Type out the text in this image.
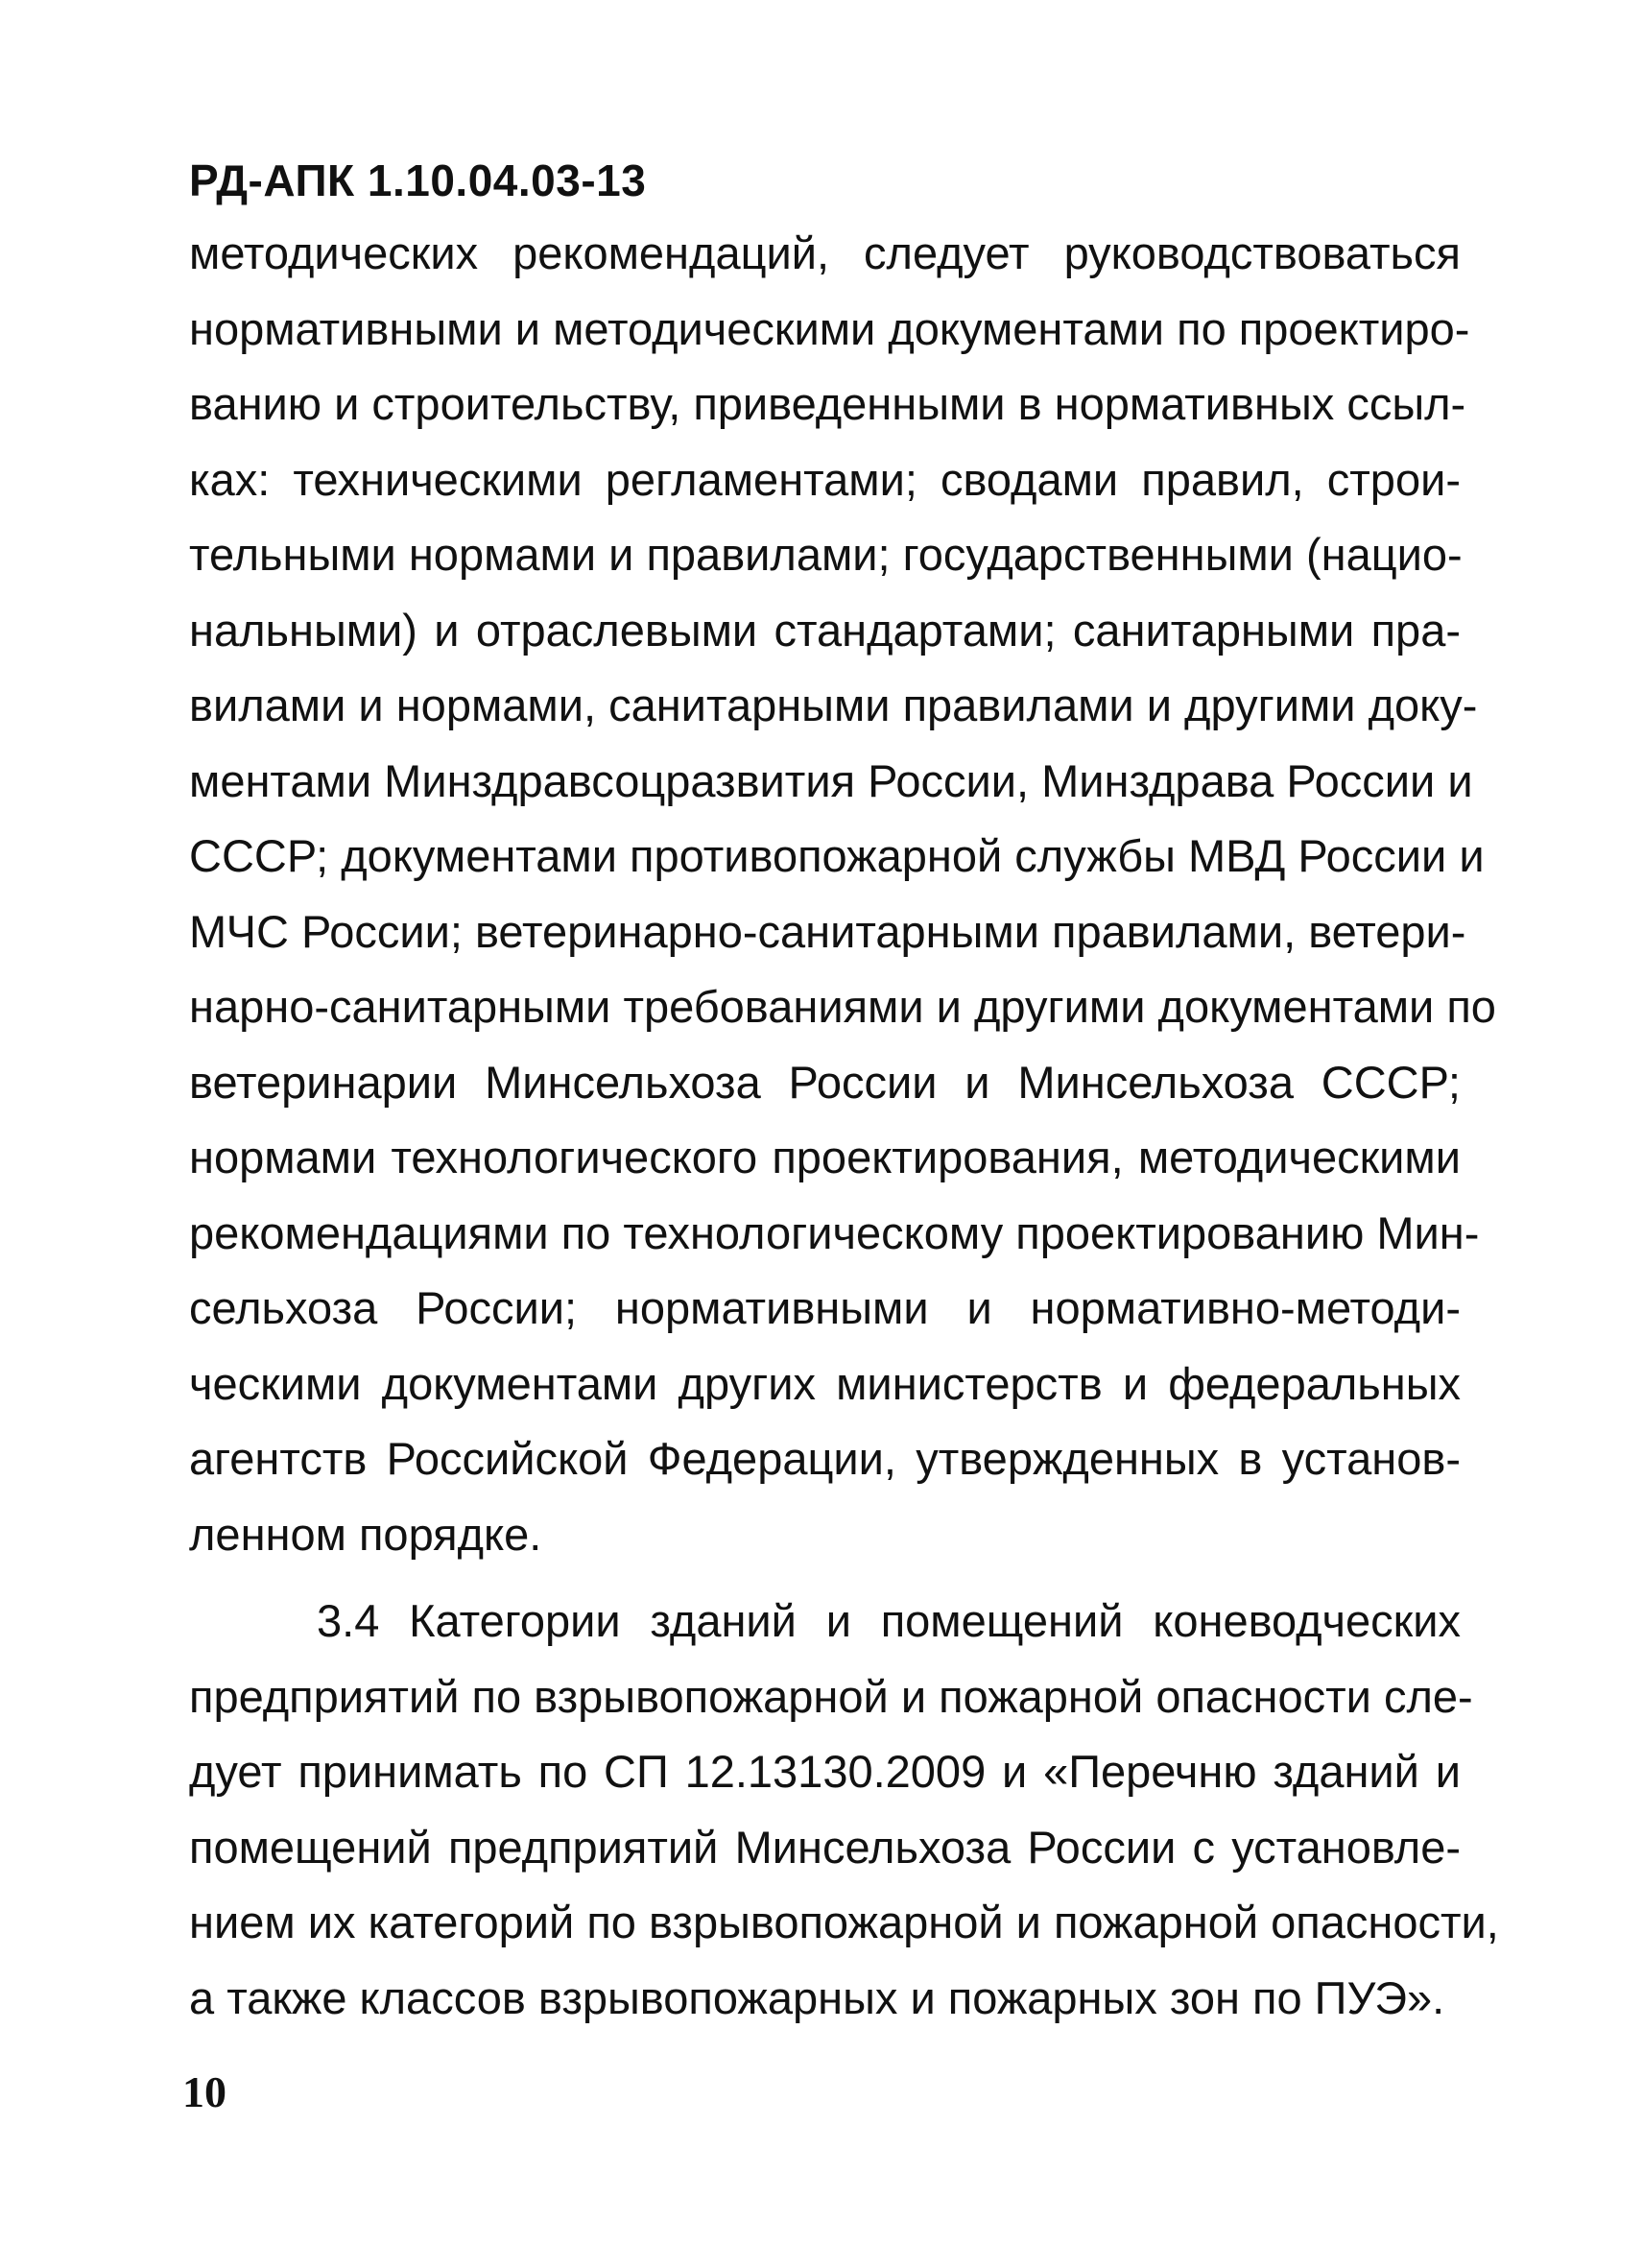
РД-АПК 1.10.04.03-13
методических рекомендаций, следует руководствоваться
нормативными и методическими документами по проектиро-
ванию и строительству, приведенными в нормативных ссыл-
ках: техническими регламентами; сводами правил, строи-
тельными нормами и правилами; государственными (нацио-
нальными) и отраслевыми стандартами; санитарными пра-
вилами и нормами, санитарными правилами и другими доку-
ментами Минздравсоцразвития России, Минздрава России и
СССР; документами противопожарной службы МВД России и
МЧС России; ветеринарно-санитарными правилами, ветери-
нарно-санитарными требованиями и другими документами по
ветеринарии Минсельхоза России и Минсельхоза СССР;
нормами технологического проектирования, методическими
рекомендациями по технологическому проектированию Мин-
сельхоза России; нормативными и нормативно-методи-
ческими документами других министерств и федеральных
агентств Российской Федерации, утвержденных в установ-
ленном порядке.
3.4 Категории зданий и помещений коневодческих
предприятий по взрывопожарной и пожарной опасности сле-
дует принимать по СП 12.13130.2009 и «Перечню зданий и
помещений предприятий Минсельхоза России с установле-
нием их категорий по взрывопожарной и пожарной опасности,
а также классов взрывопожарных и пожарных зон по ПУЭ».
10
